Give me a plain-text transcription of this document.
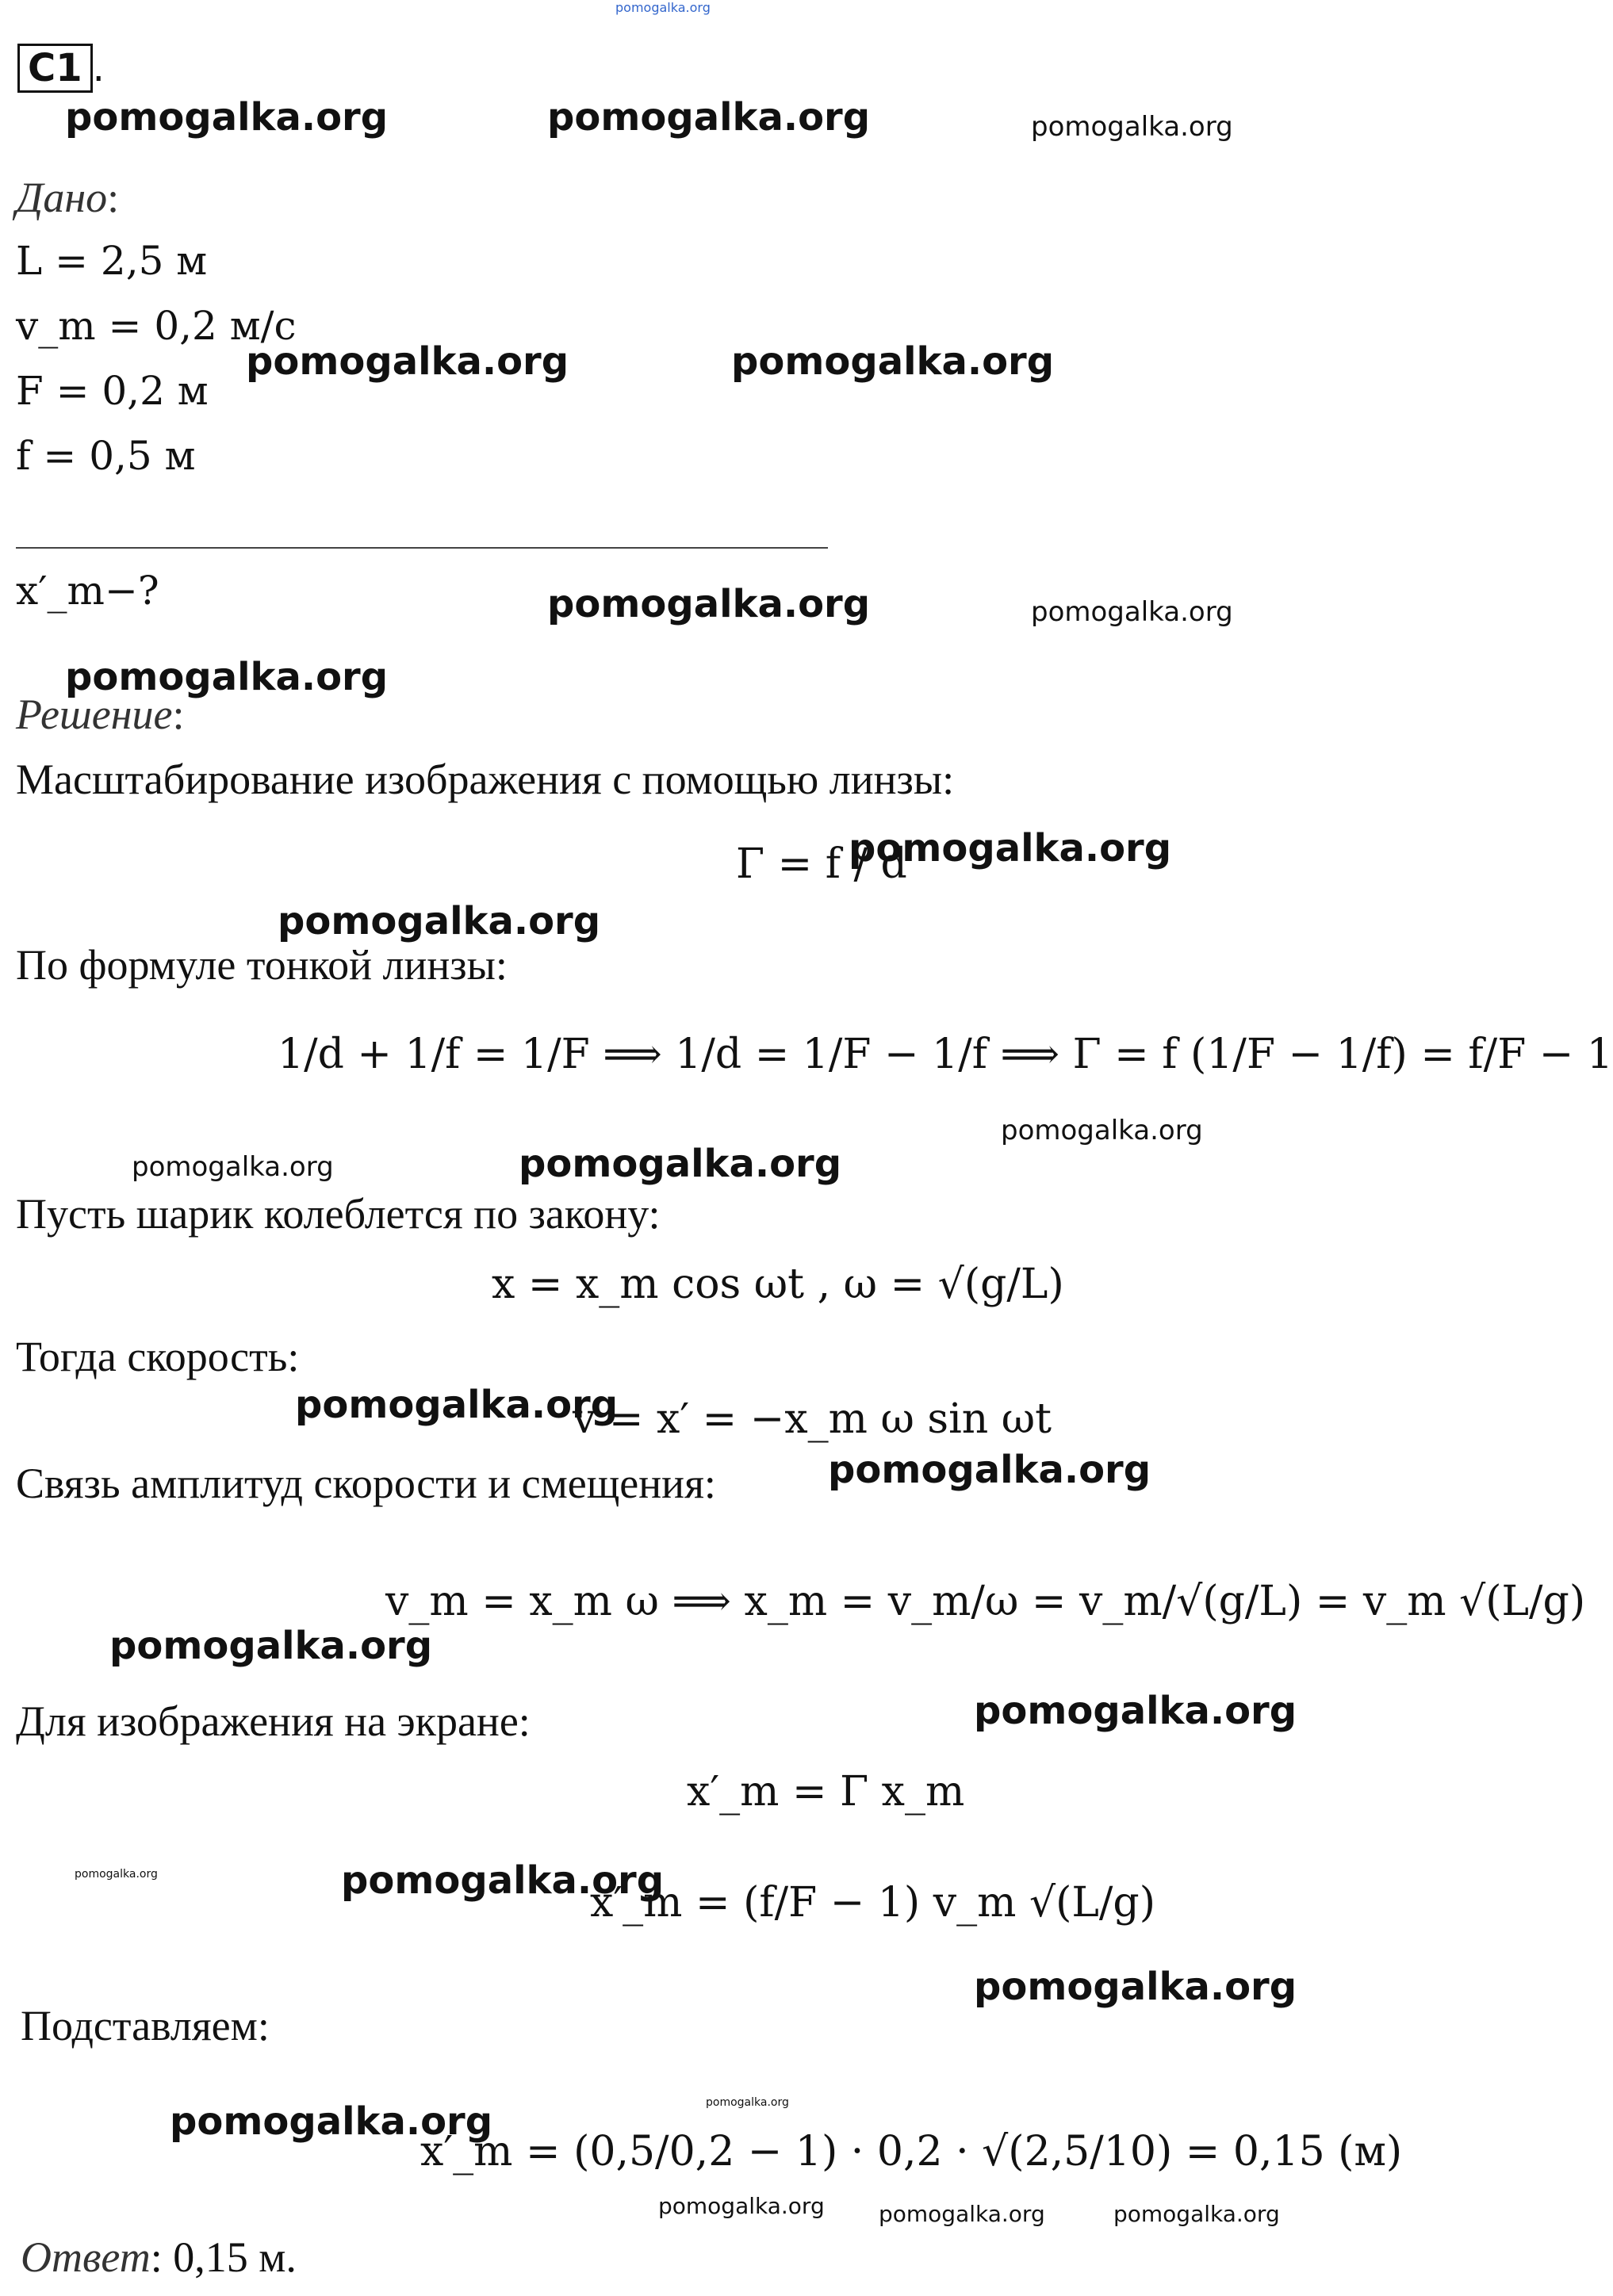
pomogalka.org
C1 .
pomogalka.org	pomogalka.org	pomogalka.org
pomogalka.org	pomogalka.org
pomogalka.org	pomogalka.org
pomogalka.org
pomogalka.org
pomogalka.org
pomogalka.org
pomogalka.org	pomogalka.org
pomogalka.org
pomogalka.org
pomogalka.org
pomogalka.org
pomogalka.org	pomogalka.org
pomogalka.org
pomogalka.org	pomogalka.org
pomogalka.org pomogalka.org	pomogalka.org
Дано:
L = 2,5 м
v_m = 0,2 м/с
F = 0,2 м
f = 0,5 м
x′_m−?
Решение:
Масштабирование изображения с помощью линзы:
Γ = f / d
По формуле тонкой линзы:
1/d + 1/f = 1/F ⟹ 1/d = 1/F − 1/f ⟹ Γ = f (1/F − 1/f) = f/F − 1
Пусть шарик колеблется по закону:
x = x_m cos ωt , ω = √(g/L)
Тогда скорость:
v = x′ = −x_m ω sin ωt
Связь амплитуд скорости и смещения:
v_m = x_m ω ⟹ x_m = v_m/ω = v_m/√(g/L) = v_m √(L/g)
Для изображения на экране:
x′_m = Γ x_m
x′_m = (f/F − 1) v_m √(L/g)
Подставляем:
x′_m = (0,5/0,2 − 1) · 0,2 · √(2,5/10) = 0,15 (м)
Ответ: 0,15 м.
